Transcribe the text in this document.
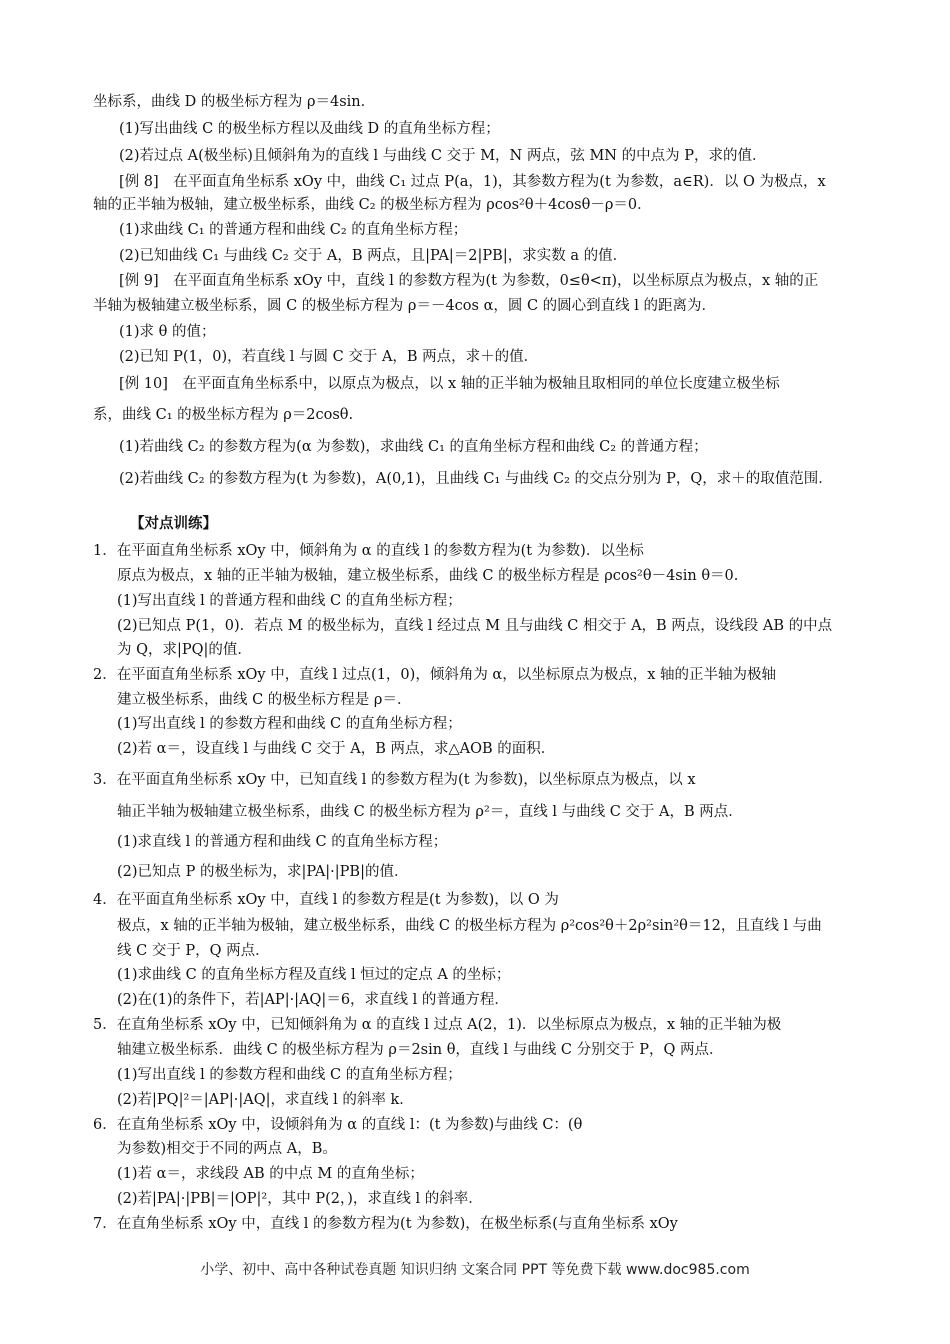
坐标系，曲线 D 的极坐标方程为 ρ＝4sin．
(1)写出曲线 C 的极坐标方程以及曲线 D 的直角坐标方程；
(2)若过点 A(极坐标)且倾斜角为的直线 l 与曲线 C 交于 M，N 两点，弦 MN 的中点为 P，求的值．
[例 8]　在平面直角坐标系 xOy 中，曲线 C₁ 过点 P(a，1)，其参数方程为(t 为参数，a∈R)．以 O 为极点，x
轴的正半轴为极轴，建立极坐标系，曲线 C₂ 的极坐标方程为 ρcos²θ＋4cosθ－ρ＝0．
(1)求曲线 C₁ 的普通方程和曲线 C₂ 的直角坐标方程；
(2)已知曲线 C₁ 与曲线 C₂ 交于 A，B 两点，且|PA|＝2|PB|，求实数 a 的值．
[例 9]　在平面直角坐标系 xOy 中，直线 l 的参数方程为(t 为参数，0≤θ<π)，以坐标原点为极点，x 轴的正
半轴为极轴建立极坐标系，圆 C 的极坐标方程为 ρ＝－4cos α，圆 C 的圆心到直线 l 的距离为．
(1)求 θ 的值；
(2)已知 P(1，0)，若直线 l 与圆 C 交于 A，B 两点，求＋的值．
[例 10]　在平面直角坐标系中，以原点为极点，以 x 轴的正半轴为极轴且取相同的单位长度建立极坐标
系，曲线 C₁ 的极坐标方程为 ρ＝2cosθ.
(1)若曲线 C₂ 的参数方程为(α 为参数)，求曲线 C₁ 的直角坐标方程和曲线 C₂ 的普通方程；
(2)若曲线 C₂ 的参数方程为(t 为参数)，A(0,1)，且曲线 C₁ 与曲线 C₂ 的交点分别为 P，Q，求＋的取值范围．
【对点训练】
1．在平面直角坐标系 xOy 中，倾斜角为 α 的直线 l 的参数方程为(t 为参数)．以坐标
原点为极点，x 轴的正半轴为极轴，建立极坐标系，曲线 C 的极坐标方程是 ρcos²θ－4sin θ＝0.
(1)写出直线 l 的普通方程和曲线 C 的直角坐标方程；
(2)已知点 P(1，0)．若点 M 的极坐标为，直线 l 经过点 M 且与曲线 C 相交于 A，B 两点，设线段 AB 的中点
为 Q，求|PQ|的值．
2．在平面直角坐标系 xOy 中，直线 l 过点(1，0)，倾斜角为 α，以坐标原点为极点，x 轴的正半轴为极轴
建立极坐标系，曲线 C 的极坐标方程是 ρ＝．
(1)写出直线 l 的参数方程和曲线 C 的直角坐标方程；
(2)若 α＝，设直线 l 与曲线 C 交于 A，B 两点，求△AOB 的面积．
3．在平面直角坐标系 xOy 中，已知直线 l 的参数方程为(t 为参数)，以坐标原点为极点，以 x
轴正半轴为极轴建立极坐标系，曲线 C 的极坐标方程为 ρ²＝，直线 l 与曲线 C 交于 A，B 两点．
(1)求直线 l 的普通方程和曲线 C 的直角坐标方程；
(2)已知点 P 的极坐标为，求|PA|·|PB|的值．
4．在平面直角坐标系 xOy 中，直线 l 的参数方程是(t 为参数)，以 O 为
极点，x 轴的正半轴为极轴，建立极坐标系，曲线 C 的极坐标方程为 ρ²cos²θ＋2ρ²sin²θ＝12，且直线 l 与曲
线 C 交于 P，Q 两点．
(1)求曲线 C 的直角坐标方程及直线 l 恒过的定点 A 的坐标；
(2)在(1)的条件下，若|AP|·|AQ|＝6，求直线 l 的普通方程．
5．在直角坐标系 xOy 中，已知倾斜角为 α 的直线 l 过点 A(2，1)．以坐标原点为极点，x 轴的正半轴为极
轴建立极坐标系．曲线 C 的极坐标方程为 ρ＝2sin θ，直线 l 与曲线 C 分别交于 P，Q 两点．
(1)写出直线 l 的参数方程和曲线 C 的直角坐标方程；
(2)若|PQ|²＝|AP|·|AQ|，求直线 l 的斜率 k．
6．在直角坐标系 xOy 中，设倾斜角为 α 的直线 l：(t 为参数)与曲线 C：(θ
为参数)相交于不同的两点 A，B。
(1)若 α＝，求线段 AB 的中点 M 的直角坐标；
(2)若|PA|·|PB|＝|OP|²，其中 P(2，)，求直线 l 的斜率．
7．在直角坐标系 xOy 中，直线 l 的参数方程为(t 为参数)，在极坐标系(与直角坐标系 xOy
小学、初中、高中各种试卷真题 知识归纳 文案合同 PPT 等免费下载 www.doc985.com
